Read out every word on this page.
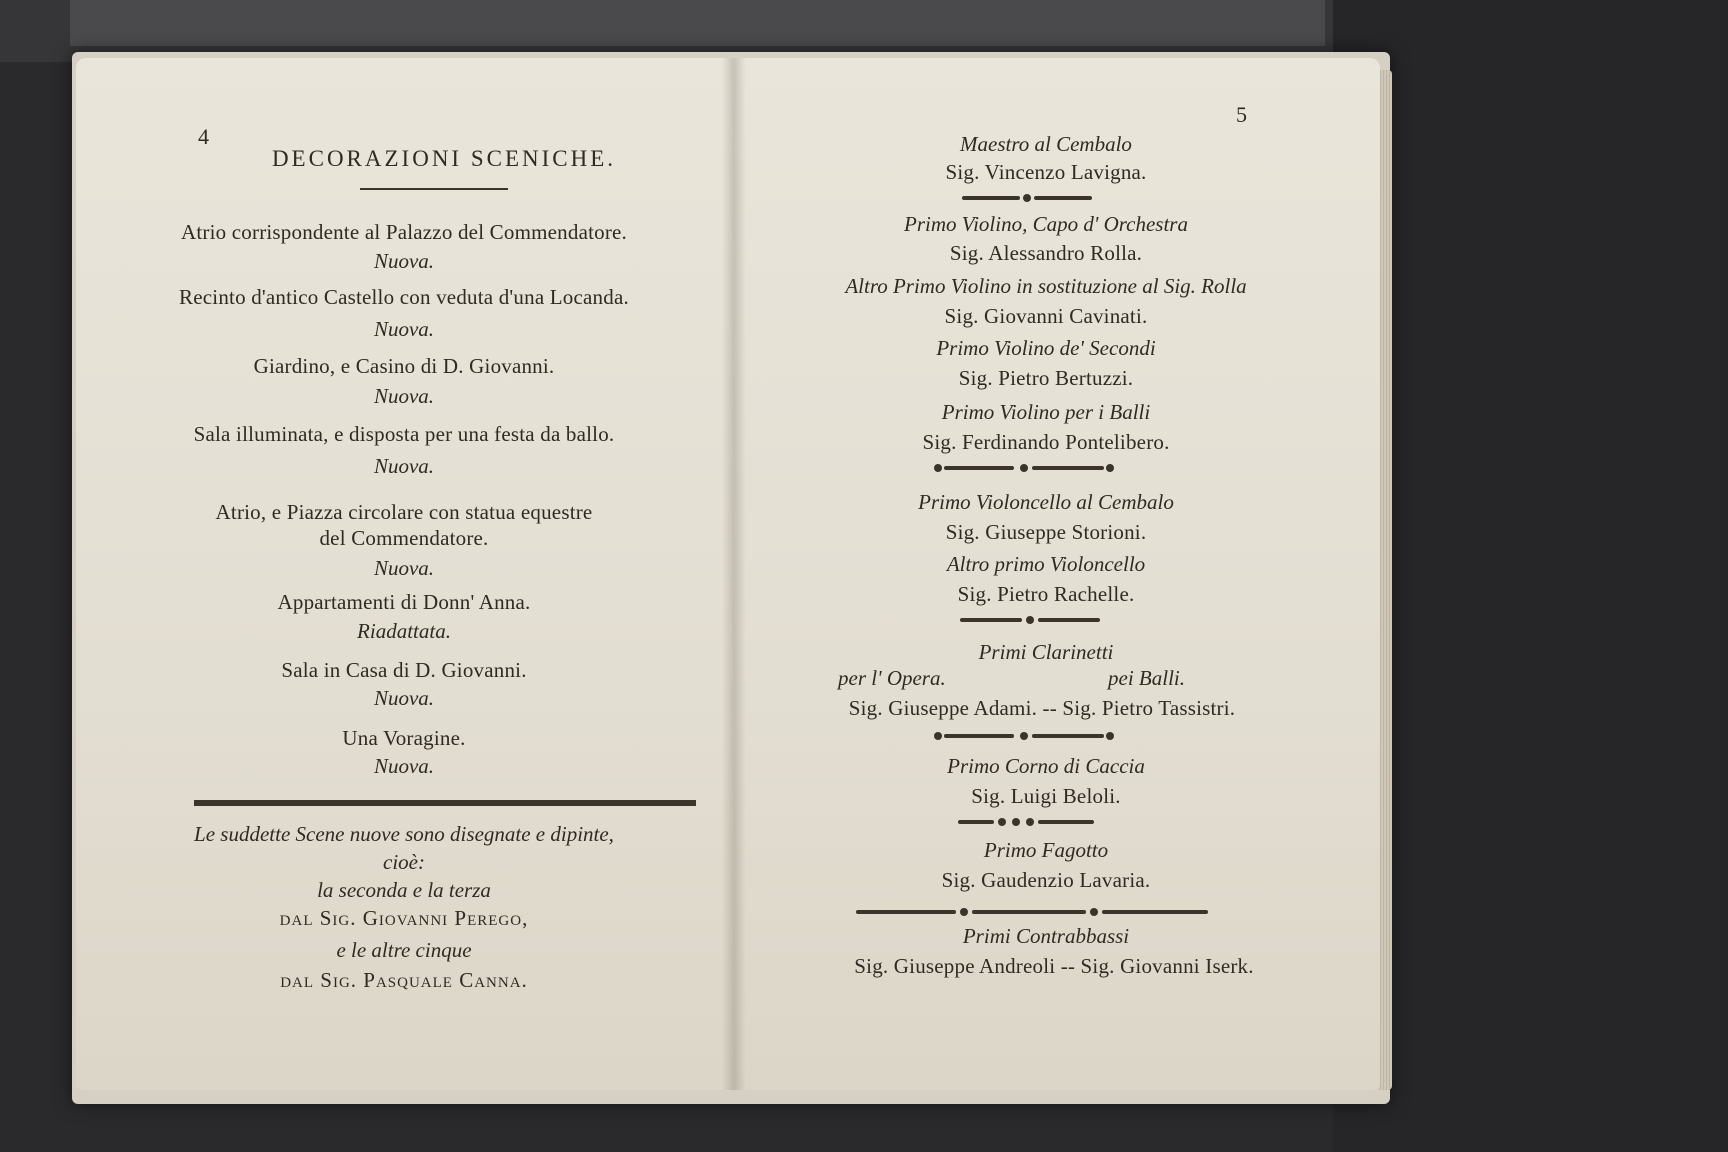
4
DECORAZIONI SCENICHE.
Atrio corrispondente al Palazzo del Commendatore.
Nuova.
Recinto d'antico Castello con veduta d'una Locanda.
Nuova.
Giardino, e Casino di D. Giovanni.
Nuova.
Sala illuminata, e disposta per una festa da ballo.
Nuova.
Atrio, e Piazza circolare con statua equestre
del Commendatore.
Nuova.
Appartamenti di Donn' Anna.
Riadattata.
Sala in Casa di D. Giovanni.
Nuova.
Una Voragine.
Nuova.
Le suddette Scene nuove sono disegnate e dipinte,
cioè:
la seconda e la terza
dal Sig. Giovanni Perego,
e le altre cinque
dal Sig. Pasquale Canna.
5
Maestro al Cembalo
Sig. Vincenzo Lavigna.
Primo Violino, Capo d' Orchestra
Sig. Alessandro Rolla.
Altro Primo Violino in sostituzione al Sig. Rolla
Sig. Giovanni Cavinati.
Primo Violino de' Secondi
Sig. Pietro Bertuzzi.
Primo Violino per i Balli
Sig. Ferdinando Pontelibero.
Primo Violoncello al Cembalo
Sig. Giuseppe Storioni.
Altro primo Violoncello
Sig. Pietro Rachelle.
Primi Clarinetti
per l' Opera.	pei Balli.
Sig. Giuseppe Adami. -- Sig. Pietro Tassistri.
Primo Corno di Caccia
Sig. Luigi Beloli.
Primo Fagotto
Sig. Gaudenzio Lavaria.
Primi Contrabbassi
Sig. Giuseppe Andreoli -- Sig. Giovanni Iserk.
